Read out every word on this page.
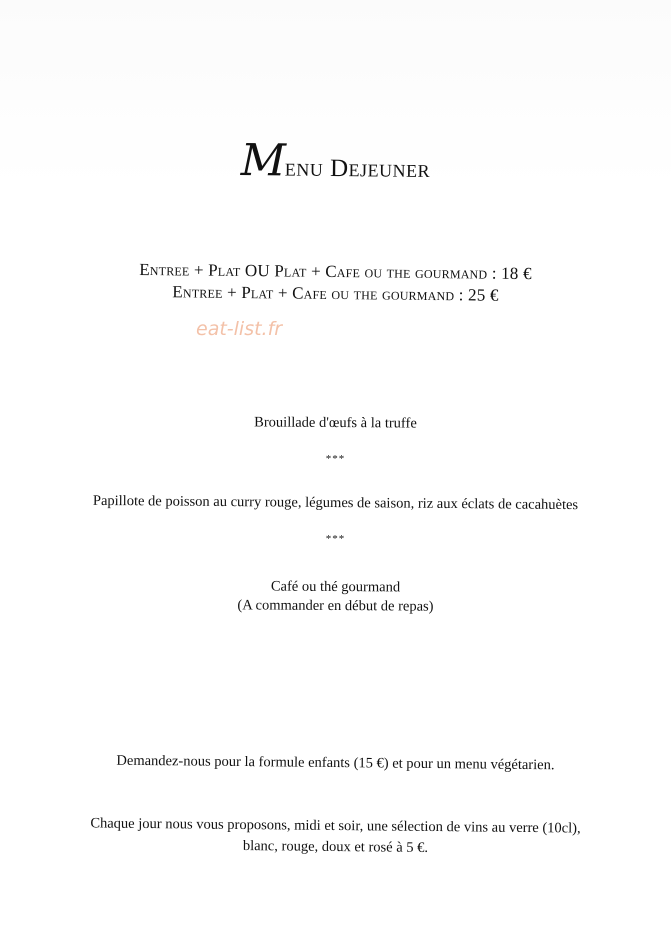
Menu Dejeuner
Entree + Plat OU Plat + Cafe ou the gourmand : 18 €
Entree + Plat + Cafe ou the gourmand : 25 €
eat-list.fr
Brouillade d'œufs à la truffe
***
Papillote de poisson au curry rouge, légumes de saison, riz aux éclats de cacahuètes
***
Café ou thé gourmand
(A commander en début de repas)
Demandez-nous pour la formule enfants (15 €) et pour un menu végétarien.
Chaque jour nous vous proposons, midi et soir, une sélection de vins au verre (10cl),
blanc, rouge, doux et rosé à 5 €.
